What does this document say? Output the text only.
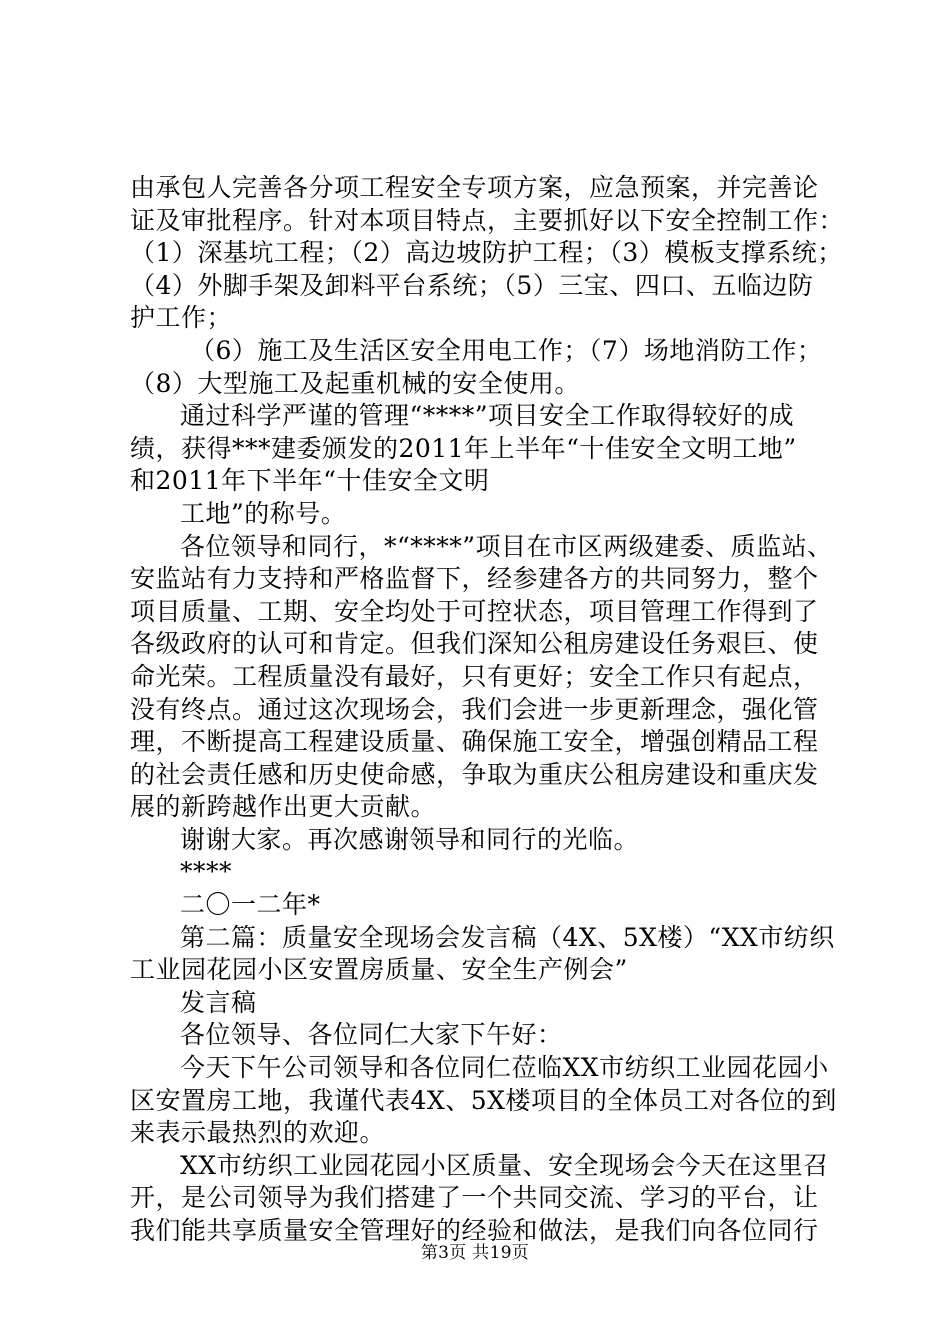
由承包人完善各分项工程安全专项方案，应急预案，并完善论
证及审批程序。针对本项目特点，主要抓好以下安全控制工作：
（1）深基坑工程；（2）高边坡防护工程；（3）模板支撑系统；
（4）外脚手架及卸料平台系统；（5）三宝、四口、五临边防
护工作；
（6）施工及生活区安全用电工作；（7）场地消防工作；
（8）大型施工及起重机械的安全使用。
通过科学严谨的管理“****”项目安全工作取得较好的成
绩，获得***建委颁发的2011年上半年“十佳安全文明工地”
和2011年下半年“十佳安全文明
工地”的称号。
各位领导和同行，*“****”项目在市区两级建委、质监站、
安监站有力支持和严格监督下，经参建各方的共同努力，整个
项目质量、工期、安全均处于可控状态，项目管理工作得到了
各级政府的认可和肯定。但我们深知公租房建设任务艰巨、使
命光荣。工程质量没有最好，只有更好；安全工作只有起点，
没有终点。通过这次现场会，我们会进一步更新理念，强化管
理，不断提高工程建设质量、确保施工安全，增强创精品工程
的社会责任感和历史使命感，争取为重庆公租房建设和重庆发
展的新跨越作出更大贡献。
谢谢大家。再次感谢领导和同行的光临。
****
二〇一二年*
第二篇：质量安全现场会发言稿（4X、5X楼）“XX市纺织
工业园花园小区安置房质量、安全生产例会”
发言稿
各位领导、各位同仁大家下午好：
今天下午公司领导和各位同仁莅临XX市纺织工业园花园小
区安置房工地，我谨代表4X、5X楼项目的全体员工对各位的到
来表示最热烈的欢迎。
XX市纺织工业园花园小区质量、安全现场会今天在这里召
开，是公司领导为我们搭建了一个共同交流、学习的平台，让
我们能共享质量安全管理好的经验和做法，是我们向各位同行
第3页 共19页
